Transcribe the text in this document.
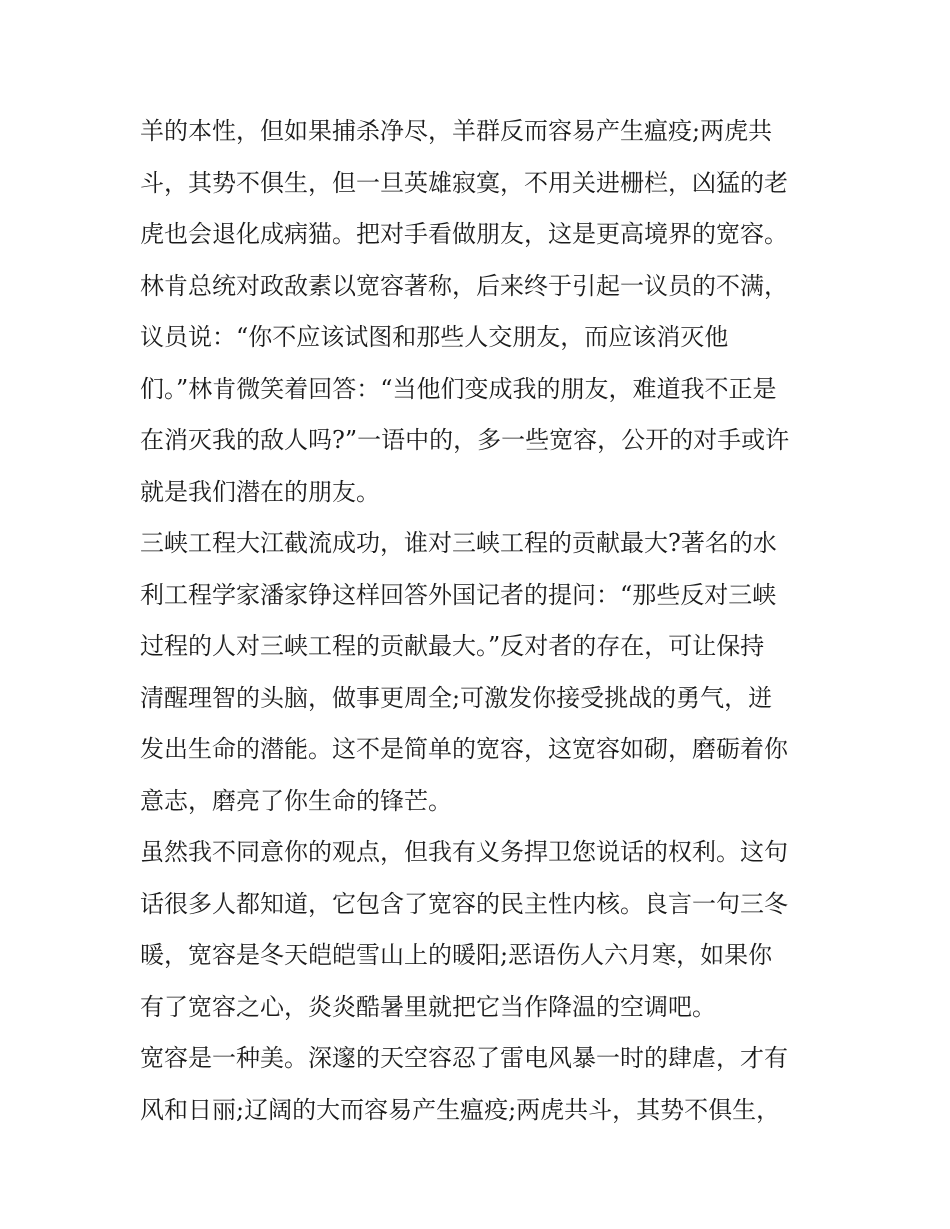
羊的本性，但如果捕杀净尽，羊群反而容易产生瘟疫;两虎共
斗，其势不俱生，但一旦英雄寂寞，不用关进栅栏，凶猛的老
虎也会退化成病猫。把对手看做朋友，这是更高境界的宽容。
林肯总统对政敌素以宽容著称，后来终于引起一议员的不满，
议员说：“你不应该试图和那些人交朋友，而应该消灭他
们。”林肯微笑着回答：“当他们变成我的朋友，难道我不正是
在消灭我的敌人吗?”一语中的，多一些宽容，公开的对手或许
就是我们潜在的朋友。
三峡工程大江截流成功，谁对三峡工程的贡献最大?著名的水
利工程学家潘家铮这样回答外国记者的提问：“那些反对三峡
过程的人对三峡工程的贡献最大。”反对者的存在，可让保持
清醒理智的头脑，做事更周全;可激发你接受挑战的勇气，迸
发出生命的潜能。这不是简单的宽容，这宽容如砌，磨砺着你
意志，磨亮了你生命的锋芒。
虽然我不同意你的观点，但我有义务捍卫您说话的权利。这句
话很多人都知道，它包含了宽容的民主性内核。良言一句三冬
暖，宽容是冬天皑皑雪山上的暖阳;恶语伤人六月寒，如果你
有了宽容之心，炎炎酷暑里就把它当作降温的空调吧。
宽容是一种美。深邃的天空容忍了雷电风暴一时的肆虐，才有
风和日丽;辽阔的大而容易产生瘟疫;两虎共斗，其势不俱生，
